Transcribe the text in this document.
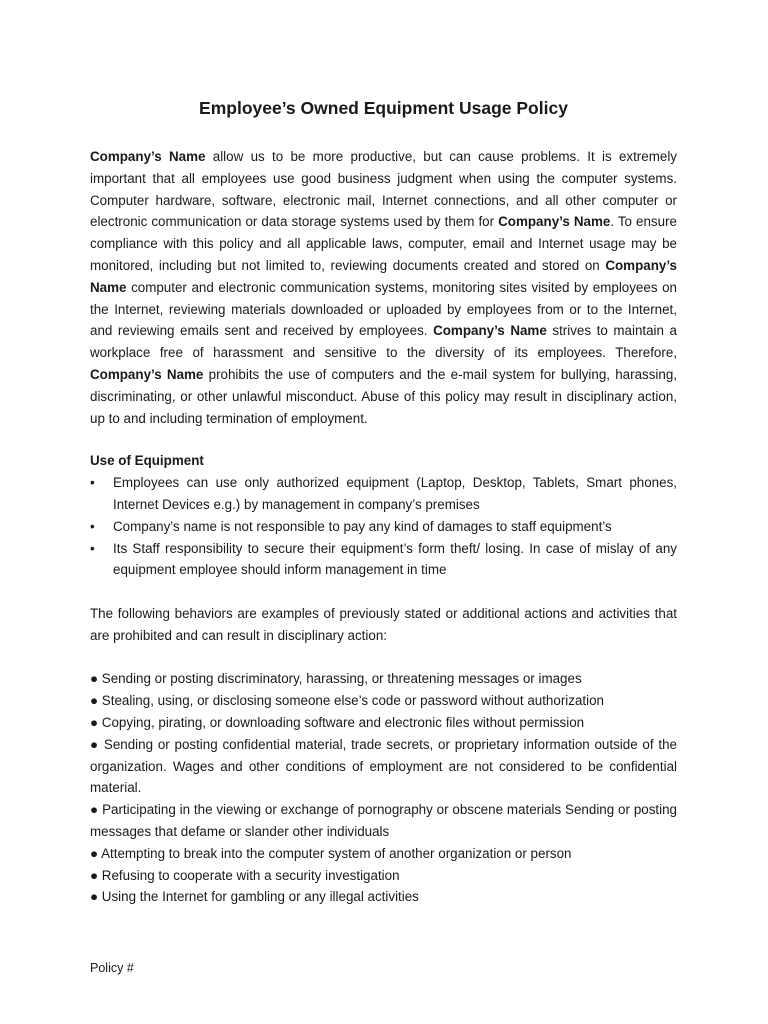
Employee’s Owned Equipment Usage Policy

Company’s Name allow us to be more productive, but can cause problems. It is extremely important that all employees use good business judgment when using the computer systems. Computer hardware, software, electronic mail, Internet connections, and all other computer or electronic communication or data storage systems used by them for Company’s Name. To ensure compliance with this policy and all applicable laws, computer, email and Internet usage may be monitored, including but not limited to, reviewing documents created and stored on Company’s Name computer and electronic communication systems, monitoring sites visited by employees on the Internet, reviewing materials downloaded or uploaded by employees from or to the Internet, and reviewing emails sent and received by employees. Company’s Name strives to maintain a workplace free of harassment and sensitive to the diversity of its employees. Therefore, Company’s Name prohibits the use of computers and the e-mail system for bullying, harassing, discriminating, or other unlawful misconduct. Abuse of this policy may result in disciplinary action, up to and including termination of employment.

Use of Equipment
• Employees can use only authorized equipment (Laptop, Desktop, Tablets, Smart phones, Internet Devices e.g.) by management in company’s premises
• Company’s name is not responsible to pay any kind of damages to staff equipment’s
• Its Staff responsibility to secure their equipment’s form theft/ losing. In case of mislay of any equipment employee should inform management in time

The following behaviors are examples of previously stated or additional actions and activities that are prohibited and can result in disciplinary action:

● Sending or posting discriminatory, harassing, or threatening messages or images

● Stealing, using, or disclosing someone else’s code or password without authorization

● Copying, pirating, or downloading software and electronic files without permission

● Sending or posting confidential material, trade secrets, or proprietary information outside of the organization. Wages and other conditions of employment are not considered to be confidential material.

● Participating in the viewing or exchange of pornography or obscene materials Sending or posting messages that defame or slander other individuals

● Attempting to break into the computer system of another organization or person

● Refusing to cooperate with a security investigation

● Using the Internet for gambling or any illegal activities

Policy #
